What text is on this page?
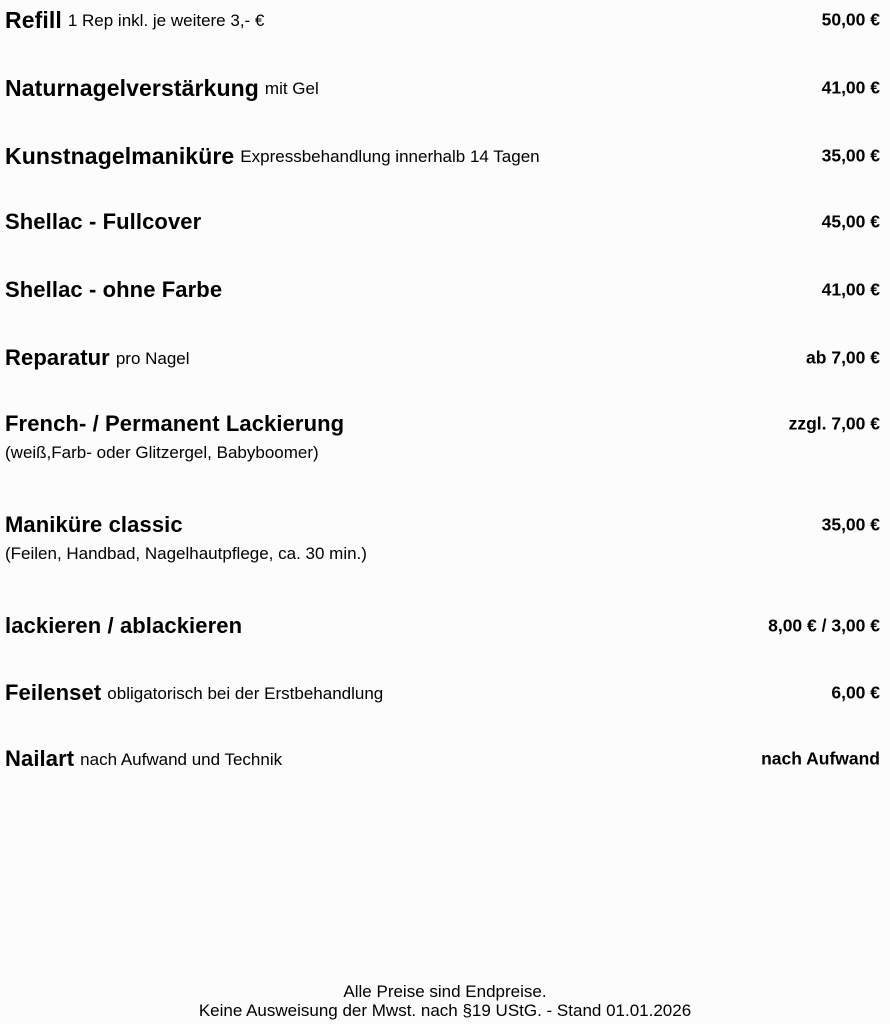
Refill 1 Rep inkl. je weitere 3,- €	50,00 €
Naturnagelverstärkung mit Gel	41,00 €
Kunstnagelmaniküre Expressbehandlung innerhalb 14 Tagen	35,00 €
Shellac - Fullcover	45,00 €
Shellac - ohne Farbe	41,00 €
Reparatur pro Nagel	ab 7,00 €
French- / Permanent Lackierung	zzgl. 7,00 €
(weiß,Farb- oder Glitzergel, Babyboomer)
Maniküre classic	35,00 €
(Feilen, Handbad, Nagelhautpflege, ca. 30 min.)
lackieren / ablackieren	8,00 € / 3,00 €
Feilenset obligatorisch bei der Erstbehandlung	6,00 €
Nailart nach Aufwand und Technik	nach Aufwand
Alle Preise sind Endpreise.
Keine Ausweisung der Mwst. nach §19 UStG. - Stand 01.01.2026
